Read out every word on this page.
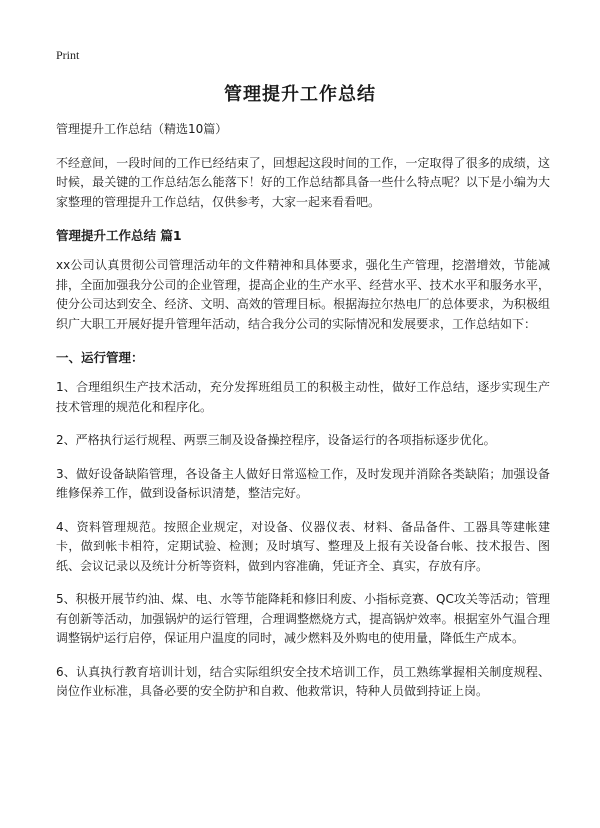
Print
管理提升工作总结

管理提升工作总结（精选10篇）

不经意间，一段时间的工作已经结束了，回想起这段时间的工作，一定取得了很多的成绩，这时候，最关键的工作总结怎么能落下！好的工作总结都具备一些什么特点呢？以下是小编为大家整理的管理提升工作总结，仅供参考，大家一起来看看吧。

管理提升工作总结 篇1

xx公司认真贯彻公司管理活动年的文件精神和具体要求，强化生产管理，挖潜增效，节能减排，全面加强我分公司的企业管理，提高企业的生产水平、经营水平、技术水平和服务水平，使分公司达到安全、经济、文明、高效的管理目标。根据海拉尔热电厂的总体要求，为积极组织广大职工开展好提升管理年活动，结合我分公司的实际情况和发展要求，工作总结如下：

一、运行管理：

1、合理组织生产技术活动，充分发挥班组员工的积极主动性，做好工作总结，逐步实现生产技术管理的规范化和程序化。

2、严格执行运行规程、两票三制及设备操控程序，设备运行的各项指标逐步优化。

3、做好设备缺陷管理，各设备主人做好日常巡检工作，及时发现并消除各类缺陷；加强设备维修保养工作，做到设备标识清楚，整洁完好。

4、资料管理规范。按照企业规定，对设备、仪器仪表、材料、备品备件、工器具等建帐建卡，做到帐卡相符，定期试验、检测；及时填写、整理及上报有关设备台帐、技术报告、图纸、会议记录以及统计分析等资料，做到内容准确，凭证齐全、真实，存放有序。

5、积极开展节约油、煤、电、水等节能降耗和修旧利废、小指标竞赛、QC攻关等活动；管理有创新等活动，加强锅炉的运行管理，合理调整燃烧方式，提高锅炉效率。根据室外气温合理调整锅炉运行启停，保证用户温度的同时，减少燃料及外购电的使用量，降低生产成本。

6、认真执行教育培训计划，结合实际组织安全技术培训工作，员工熟练掌握相关制度规程、岗位作业标准，具备必要的安全防护和自救、他救常识，特种人员做到持证上岗。
